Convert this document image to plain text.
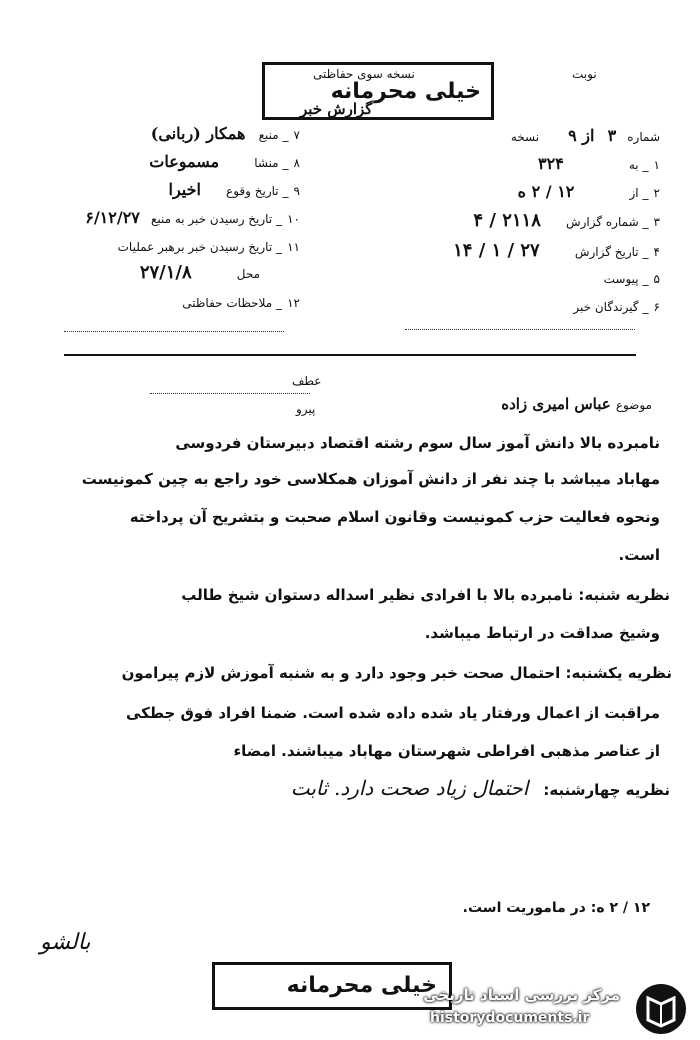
نوبت
نسخه سوی حفاظتی
خیلی محرمانه
گزارش خبر
۷ _ منبع همکار (ربانی)
۸ _ منشا مسموعات
۹ _ تاریخ وقوع اخیرا
۱۰ _ تاریخ رسیدن خبر به منبع ۶/۱۲/۲۷
۱۱ _ تاریخ رسیدن خبر برهبر عملیات
محل ۲۷/۱/۸
۱۲ _ ملاحظات حفاظتی
شماره ۳ از ۹ نسخه
۱ _ به ۳۲۴
۲ _ از ۱۲ / ۲ ه
۳ _ شماره گزارش ۲۱۱۸ / ۴
۴ _ تاریخ گزارش ۲۷ / ۱ / ۱۴
۵ _ پیوست
۶ _ گیرندگان خبر
عطف
پیرو	موضوع عباس امیری زاده
نامبرده بالا دانش آموز سال سوم رشته اقتصاد دبیرستان فردوسی
مهاباد میباشد با چند نفر از دانش آموزان همکلاسی خود راجع به چین کمونیست
ونحوه فعالیت حزب کمونیست وقانون اسلام صحبت و بتشریح آن پرداخته
است.
نظریه شنبه: نامبرده بالا با افرادی نظیر اسداله دستوان شیخ طالب
وشیخ صداقت در ارتباط میباشد.
نظریه یکشنبه: احتمال صحت خبر وجود دارد و به شنبه آموزش لازم پیرامون
مراقبت از اعمال ورفتار یاد شده داده شده است. ضمنا افراد فوق جطکی
از عناصر مذهبی افراطی شهرستان مهاباد میباشند. امضاء
نظریه چهارشنبه: احتمال زیاد صحت دارد. ثابت
۱۲ / ۲ ه: در ماموریت است.
بالشو
خیلی محرمانه
مرکز بررسی اسناد تاریخی
historydocuments.ir
